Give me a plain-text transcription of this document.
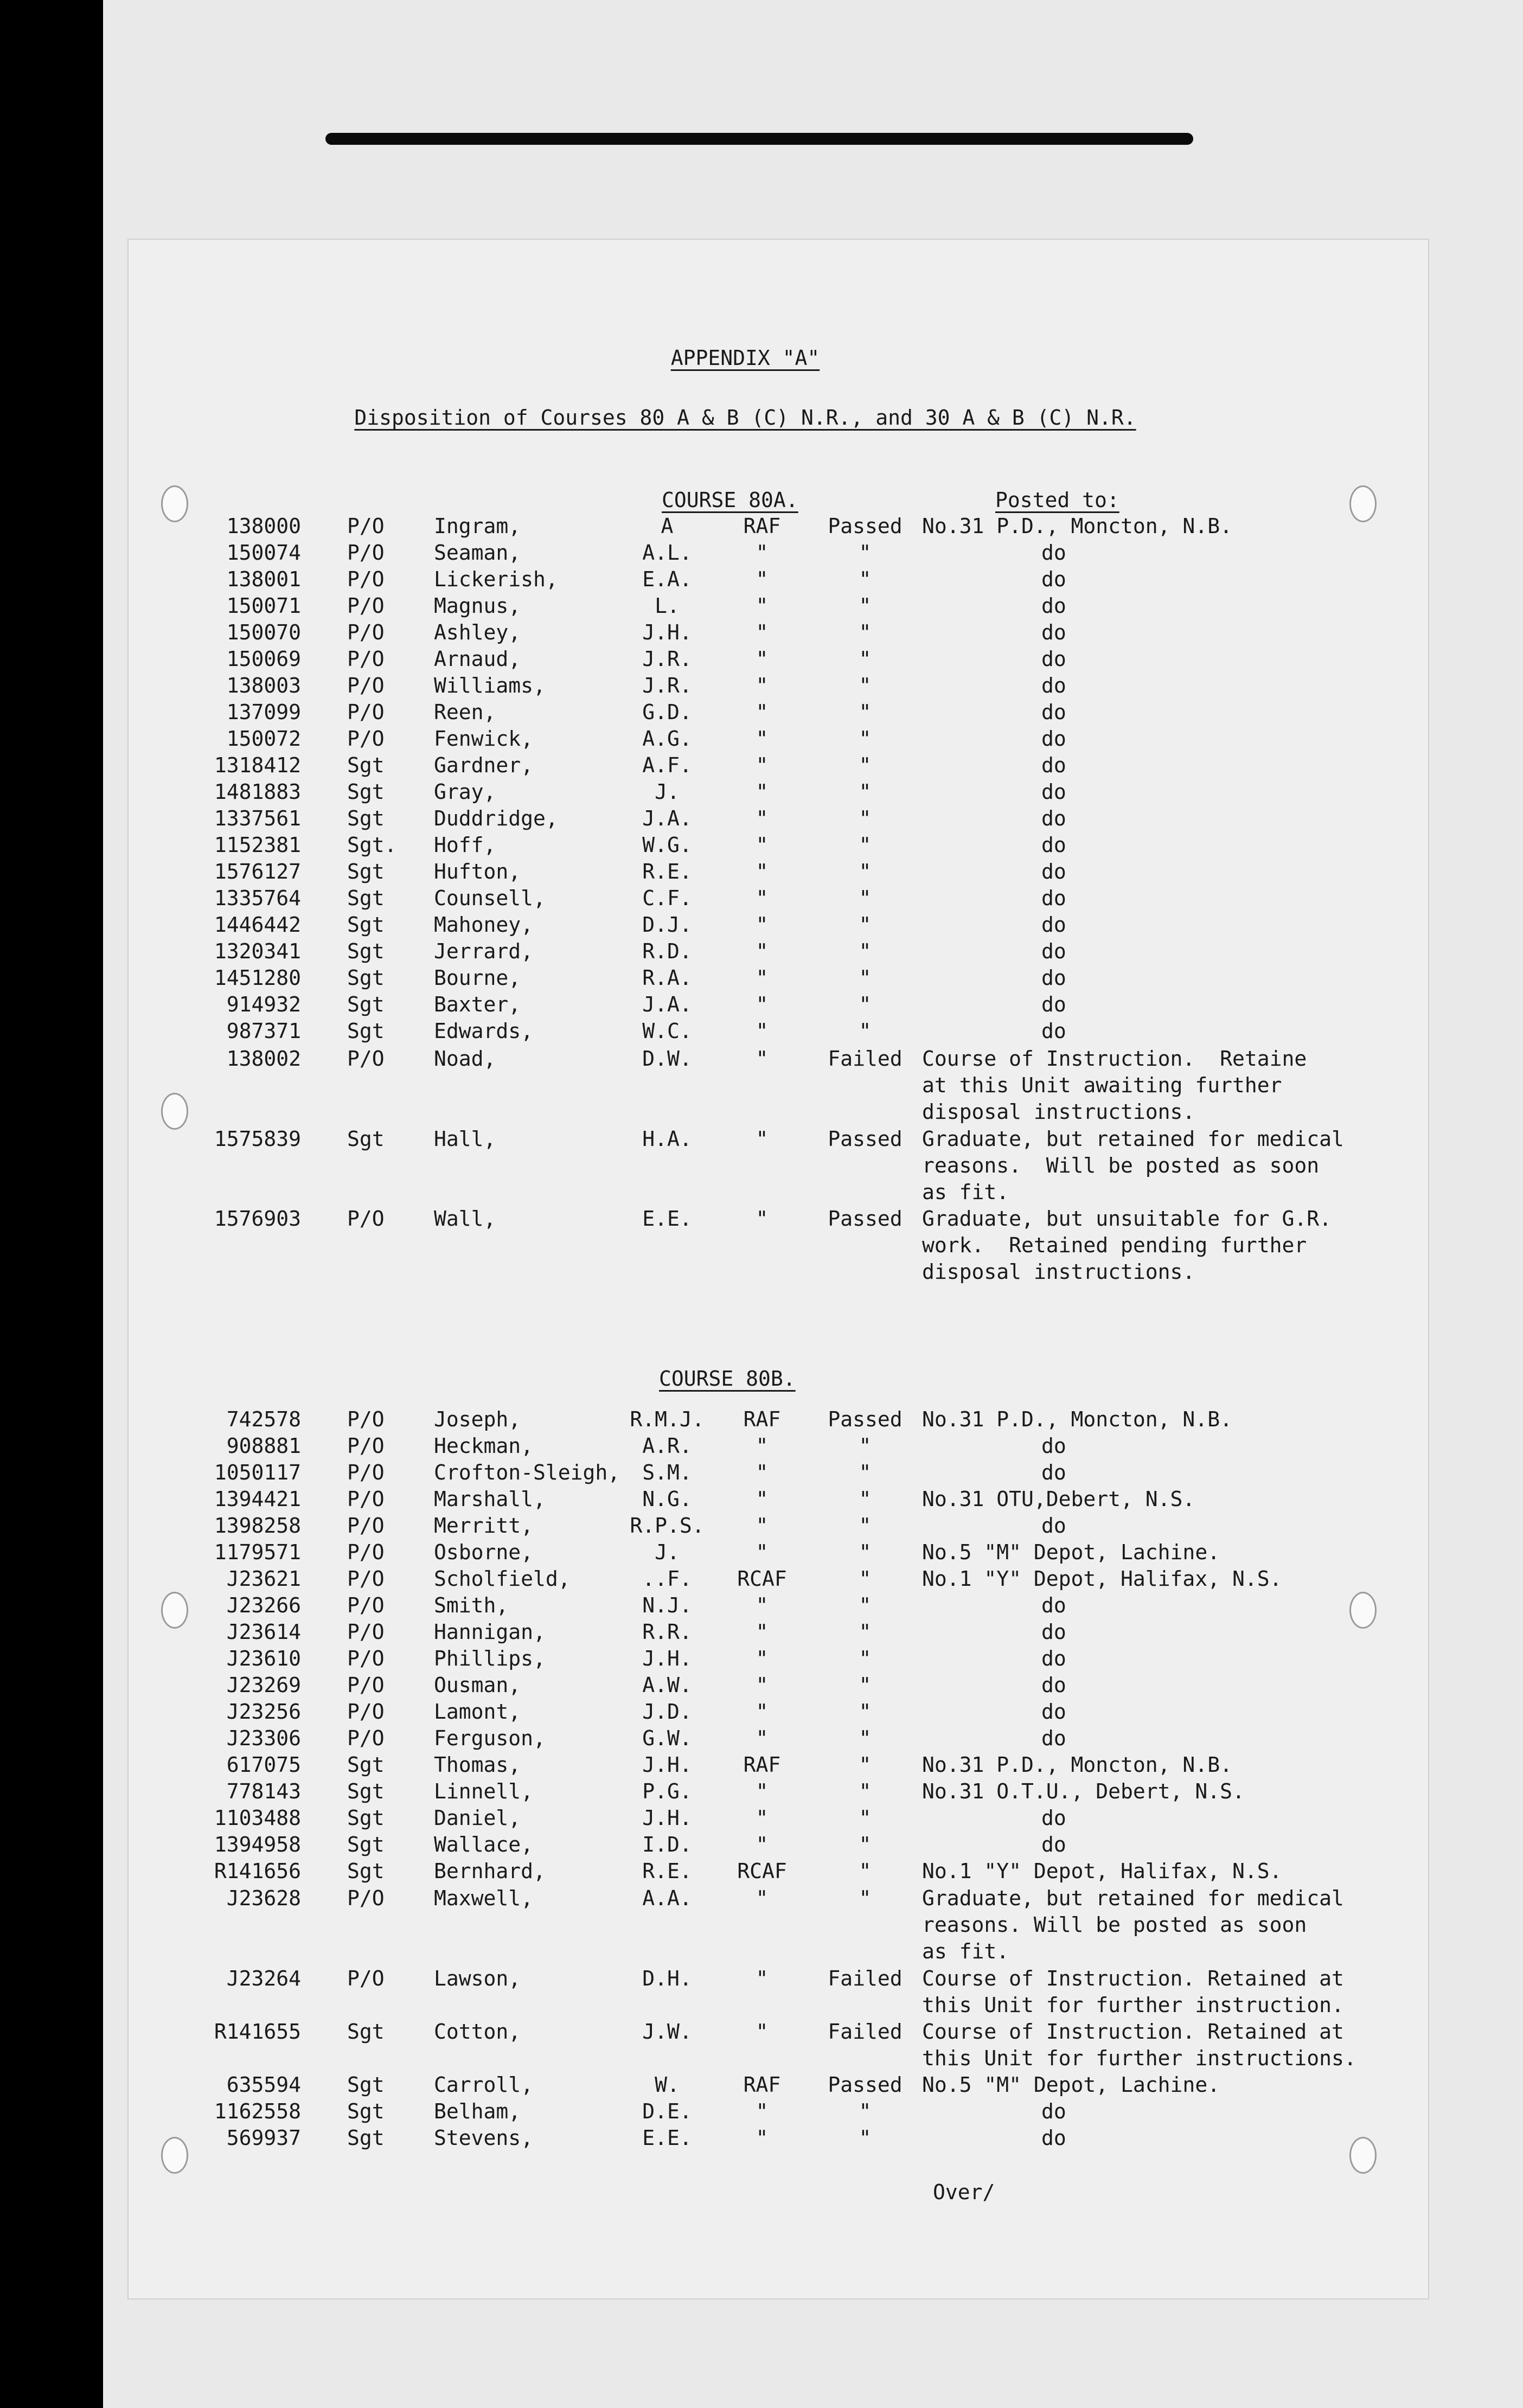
APPENDIX "A"
Disposition of Courses 80 A & B (C) N.R., and 30 A & B (C) N.R.
COURSE 80A.	Posted to:
138000 P/O Ingram,	A	RAF	Passed No.31 P.D., Moncton, N.B.
150074 P/O Seaman,	A.L.	"	"	do
138001 P/O Lickerish,	E.A.	"	"	do
150071 P/O Magnus,	L.	"	"	do
150070 P/O Ashley,	J.H.	"	"	do
150069 P/O Arnaud,	J.R.	"	"	do
138003 P/O Williams,	J.R.	"	"	do
137099 P/O Reen,	G.D.	"	"	do
150072 P/O Fenwick,	A.G.	"	"	do
1318412 Sgt Gardner,	A.F.	"	"	do
1481883 Sgt Gray,	J.	"	"	do
1337561 Sgt Duddridge,	J.A.	"	"	do
1152381 Sgt. Hoff,	W.G.	"	"	do
1576127 Sgt Hufton,	R.E.	"	"	do
1335764 Sgt Counsell,	C.F.	"	"	do
1446442 Sgt Mahoney,	D.J.	"	"	do
1320341 Sgt Jerrard,	R.D.	"	"	do
1451280 Sgt Bourne,	R.A.	"	"	do
914932 Sgt Baxter,	J.A.	"	"	do
987371 Sgt Edwards,	W.C.	"	"	do
138002 P/O Noad,	D.W.	"	Failed Course of Instruction.  Retaine
at this Unit awaiting further
disposal instructions.
1575839 Sgt Hall,	H.A.	"	Passed Graduate, but retained for medical
reasons.  Will be posted as soon
as fit.
1576903 P/O Wall,	E.E.	"	Passed Graduate, but unsuitable for G.R.
work.  Retained pending further
disposal instructions.
COURSE 80B.
742578 P/O Joseph,	R.M.J.	RAF	Passed No.31 P.D., Moncton, N.B.
908881 P/O Heckman,	A.R.	"	"	do
1050117 P/O Crofton-Sleigh,	S.M.	"	"	do
1394421 P/O Marshall,	N.G.	"	"	No.31 OTU,Debert, N.S.
1398258 P/O Merritt,	R.P.S.	"	"	do
1179571 P/O Osborne,	J.	"	"	No.5 "M" Depot, Lachine.
J23621 P/O Scholfield,	..F.	RCAF	"	No.1 "Y" Depot, Halifax, N.S.
J23266 P/O Smith,	N.J.	"	"	do
J23614 P/O Hannigan,	R.R.	"	"	do
J23610 P/O Phillips,	J.H.	"	"	do
J23269 P/O Ousman,	A.W.	"	"	do
J23256 P/O Lamont,	J.D.	"	"	do
J23306 P/O Ferguson,	G.W.	"	"	do
617075 Sgt Thomas,	J.H.	RAF	"	No.31 P.D., Moncton, N.B.
778143 Sgt Linnell,	P.G.	"	"	No.31 O.T.U., Debert, N.S.
1103488 Sgt Daniel,	J.H.	"	"	do
1394958 Sgt Wallace,	I.D.	"	"	do
R141656 Sgt Bernhard,	R.E.	RCAF	"	No.1 "Y" Depot, Halifax, N.S.
J23628 P/O Maxwell,	A.A.	"	"	Graduate, but retained for medical
reasons. Will be posted as soon
as fit.
J23264 P/O Lawson,	D.H.	"	Failed Course of Instruction. Retained at
this Unit for further instruction.
R141655 Sgt Cotton,	J.W.	"	Failed Course of Instruction. Retained at
this Unit for further instructions.
635594 Sgt Carroll,	W.	RAF	Passed No.5 "M" Depot, Lachine.
1162558 Sgt Belham,	D.E.	"	"	do
569937 Sgt Stevens,	E.E.	"	"	do
Over/
